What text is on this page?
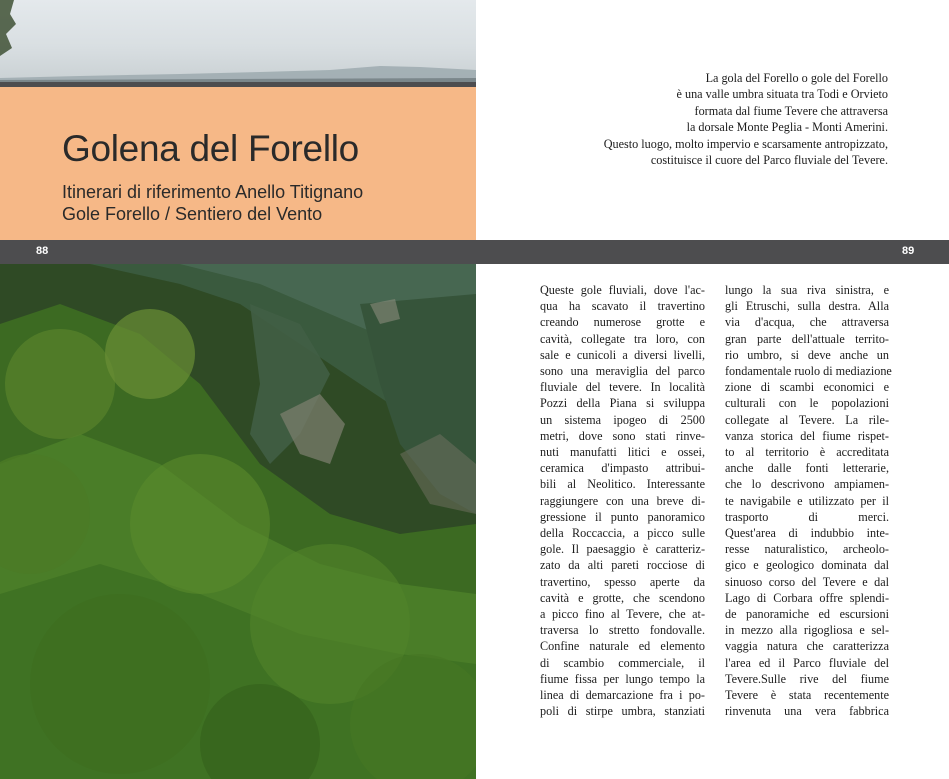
Golena del Forello
Itinerari di riferimento Anello Titignano
Gole Forello / Sentiero del Vento
88	89
La gola del Forello o gole del Forello
è una valle umbra situata tra Todi e Orvieto
formata dal fiume Tevere che attraversa
la dorsale Monte Peglia - Monti Amerini.
Questo luogo, molto impervio e scarsamente antropizzato,
costituisce il cuore del Parco fluviale del Tevere.
Queste gole fluviali, dove l'ac-
qua ha scavato il travertino
creando numerose grotte e
cavità, collegate tra loro, con
sale e cunicoli a diversi livelli,
sono una meraviglia del parco
fluviale del tevere. In località
Pozzi della Piana si sviluppa
un sistema ipogeo di 2500
metri, dove sono stati rinve-
nuti manufatti litici e ossei,
ceramica d'impasto attribui-
bili al Neolitico. Interessante
raggiungere con una breve di-
gressione il punto panoramico
della Roccaccia, a picco sulle
gole. Il paesaggio è caratteriz-
zato da alti pareti rocciose di
travertino, spesso aperte da
cavità e grotte, che scendono
a picco fino al Tevere, che at-
traversa lo stretto fondovalle.
Confine naturale ed elemento
di scambio commerciale, il
fiume fissa per lungo tempo la
linea di demarcazione fra i po-
poli di stirpe umbra, stanziati
lungo la sua riva sinistra, e
gli Etruschi, sulla destra. Alla
via d'acqua, che attraversa
gran parte dell'attuale territo-
rio umbro, si deve anche un
fondamentale ruolo di mediazione
zione di scambi economici e
culturali con le popolazioni
collegate al Tevere. La rile-
vanza storica del fiume rispet-
to al territorio è accreditata
anche dalle fonti letterarie,
che lo descrivono ampiamen-
te navigabile e utilizzato per il
trasporto di merci.
Quest'area di indubbio inte-
resse naturalistico, archeolo-
gico e geologico dominata dal
sinuoso corso del Tevere e dal
Lago di Corbara offre splendi-
de panoramiche ed escursioni
in mezzo alla rigogliosa e sel-
vaggia natura che caratterizza
l'area ed il Parco fluviale del
Tevere.Sulle rive del fiume
Tevere è stata recentemente
rinvenuta una vera fabbrica
